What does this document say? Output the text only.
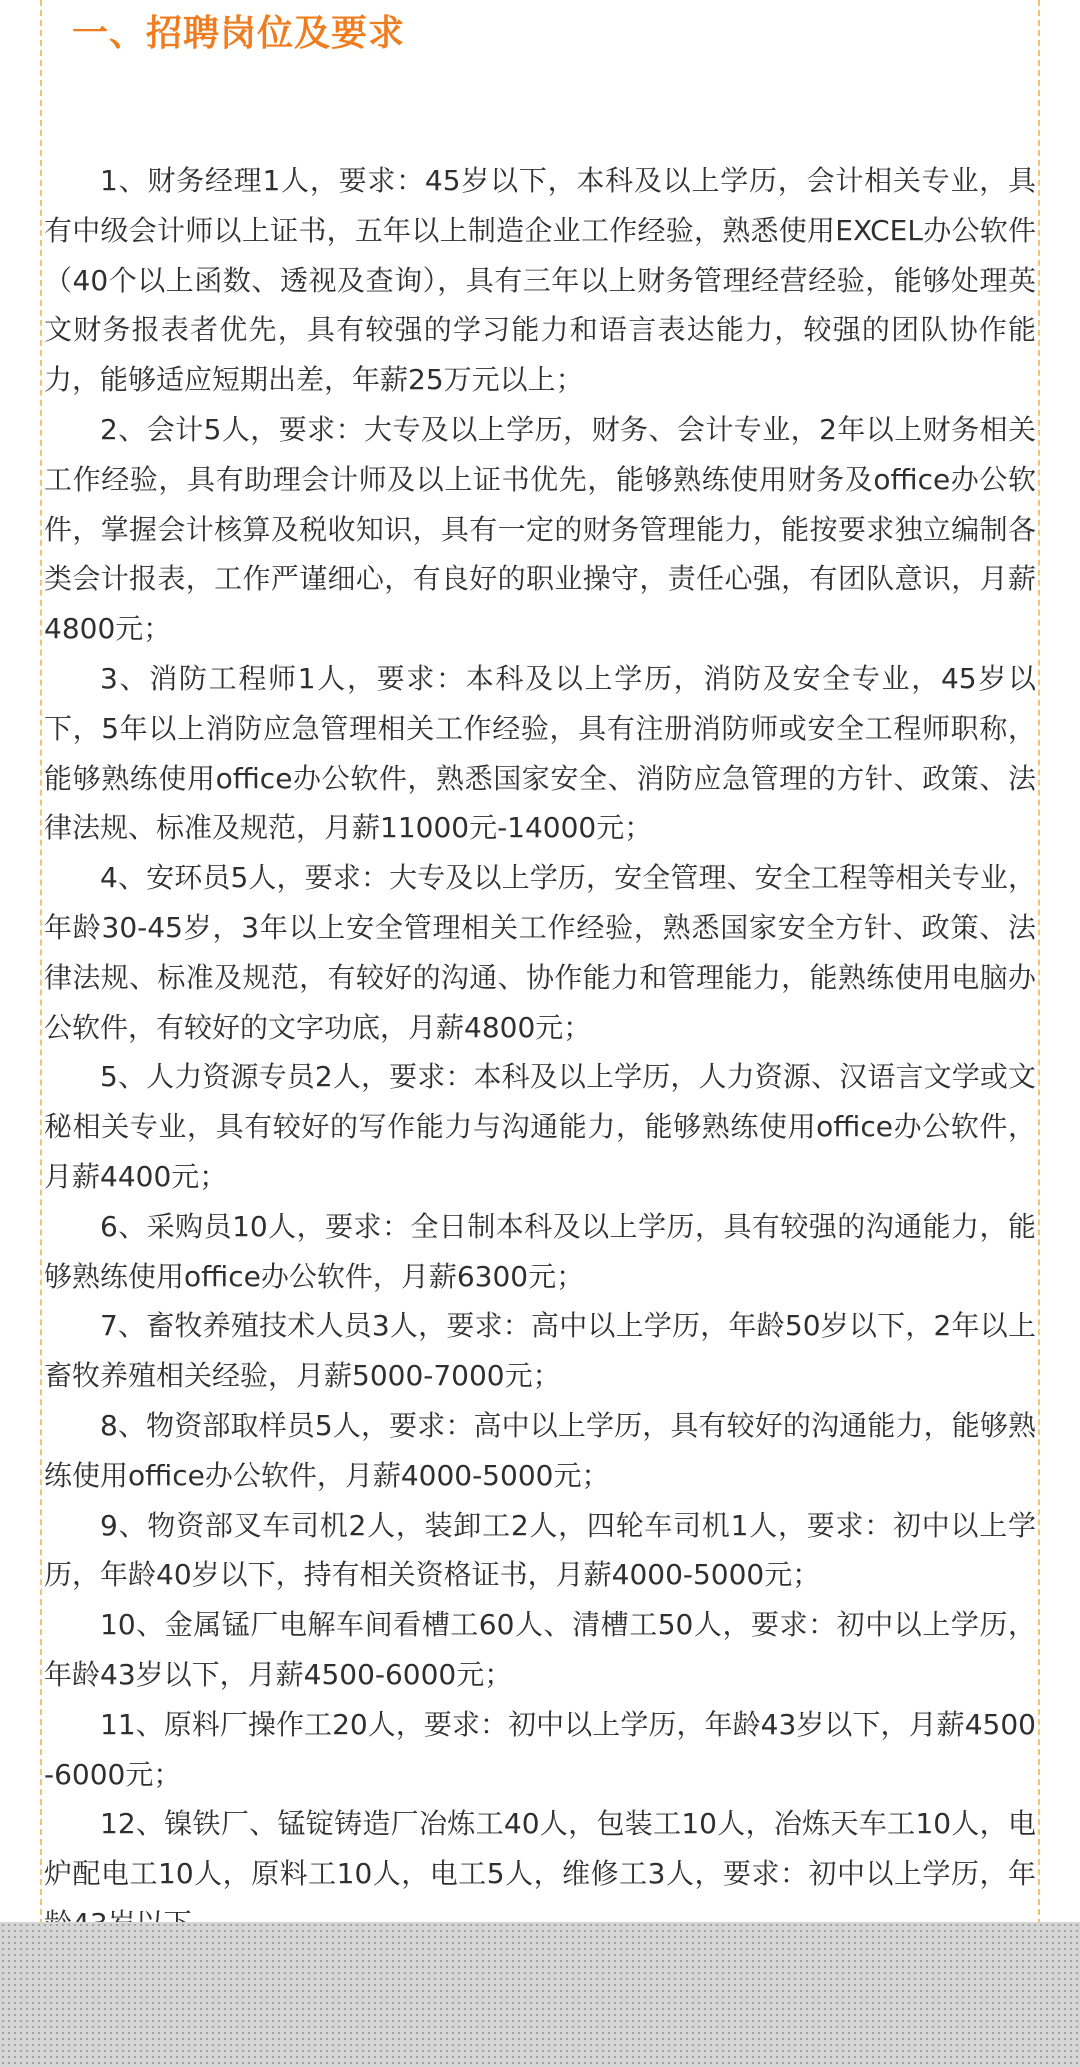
一、招聘岗位及要求

1、财务经理1人，要求：45岁以下，本科及以上学历，会计相关专业，具有中级会计师以上证书，五年以上制造企业工作经验，熟悉使用EXCEL办公软件（40个以上函数、透视及查询），具有三年以上财务管理经营经验，能够处理英文财务报表者优先，具有较强的学习能力和语言表达能力，较强的团队协作能力，能够适应短期出差，年薪25万元以上；

2、会计5人，要求：大专及以上学历，财务、会计专业，2年以上财务相关工作经验，具有助理会计师及以上证书优先，能够熟练使用财务及office办公软件，掌握会计核算及税收知识，具有一定的财务管理能力，能按要求独立编制各类会计报表，工作严谨细心，有良好的职业操守，责任心强，有团队意识，月薪4800元；

3、消防工程师1人，要求：本科及以上学历，消防及安全专业，45岁以下，5年以上消防应急管理相关工作经验，具有注册消防师或安全工程师职称，能够熟练使用office办公软件，熟悉国家安全、消防应急管理的方针、政策、法律法规、标准及规范，月薪11000元-14000元；

4、安环员5人，要求：大专及以上学历，安全管理、安全工程等相关专业，年龄30-45岁，3年以上安全管理相关工作经验，熟悉国家安全方针、政策、法律法规、标准及规范，有较好的沟通、协作能力和管理能力，能熟练使用电脑办公软件，有较好的文字功底，月薪4800元；

5、人力资源专员2人，要求：本科及以上学历，人力资源、汉语言文学或文秘相关专业，具有较好的写作能力与沟通能力，能够熟练使用office办公软件，月薪4400元；

6、采购员10人，要求：全日制本科及以上学历，具有较强的沟通能力，能够熟练使用office办公软件，月薪6300元；

7、畜牧养殖技术人员3人，要求：高中以上学历，年龄50岁以下，2年以上畜牧养殖相关经验，月薪5000-7000元；

8、物资部取样员5人，要求：高中以上学历，具有较好的沟通能力，能够熟练使用office办公软件，月薪4000-5000元；

9、物资部叉车司机2人，装卸工2人，四轮车司机1人，要求：初中以上学历，年龄40岁以下，持有相关资格证书，月薪4000-5000元；

10、金属锰厂电解车间看槽工60人、清槽工50人，要求：初中以上学历，年龄43岁以下，月薪4500-6000元；

11、原料厂操作工20人，要求：初中以上学历，年龄43岁以下，月薪4500-6000元；

12、镍铁厂、锰锭铸造厂冶炼工40人，包装工10人，冶炼天车工10人，电炉配电工10人，原料工10人，电工5人，维修工3人，要求：初中以上学历，年
